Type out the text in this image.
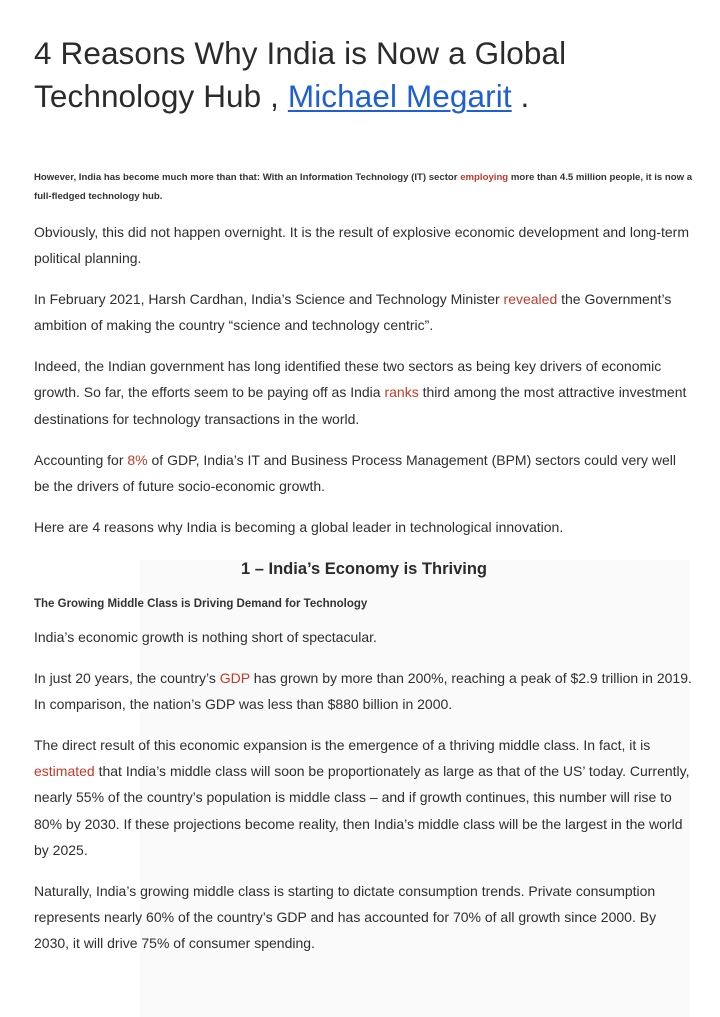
4 Reasons Why India is Now a Global Technology Hub , Michael Megarit .
However, India has become much more than that: With an Information Technology (IT) sector employing more than 4.5 million people, it is now a full-fledged technology hub.

Obviously, this did not happen overnight. It is the result of explosive economic development and long-term political planning.

In February 2021, Harsh Cardhan, India’s Science and Technology Minister revealed the Government’s ambition of making the country “science and technology centric”.

Indeed, the Indian government has long identified these two sectors as being key drivers of economic growth. So far, the efforts seem to be paying off as India ranks third among the most attractive investment destinations for technology transactions in the world.

Accounting for 8% of GDP, India’s IT and Business Process Management (BPM) sectors could very well be the drivers of future socio-economic growth.

Here are 4 reasons why India is becoming a global leader in technological innovation.

1 – India’s Economy is Thriving
The Growing Middle Class is Driving Demand for Technology

India’s economic growth is nothing short of spectacular.

In just 20 years, the country’s GDP has grown by more than 200%, reaching a peak of $2.9 trillion in 2019. In comparison, the nation’s GDP was less than $880 billion in 2000.

The direct result of this economic expansion is the emergence of a thriving middle class. In fact, it is estimated that India’s middle class will soon be proportionately as large as that of the US’ today. Currently, nearly 55% of the country’s population is middle class – and if growth continues, this number will rise to 80% by 2030. If these projections become reality, then India’s middle class will be the largest in the world by 2025.

Naturally, India’s growing middle class is starting to dictate consumption trends. Private consumption represents nearly 60% of the country’s GDP and has accounted for 70% of all growth since 2000. By 2030, it will drive 75% of consumer spending.
